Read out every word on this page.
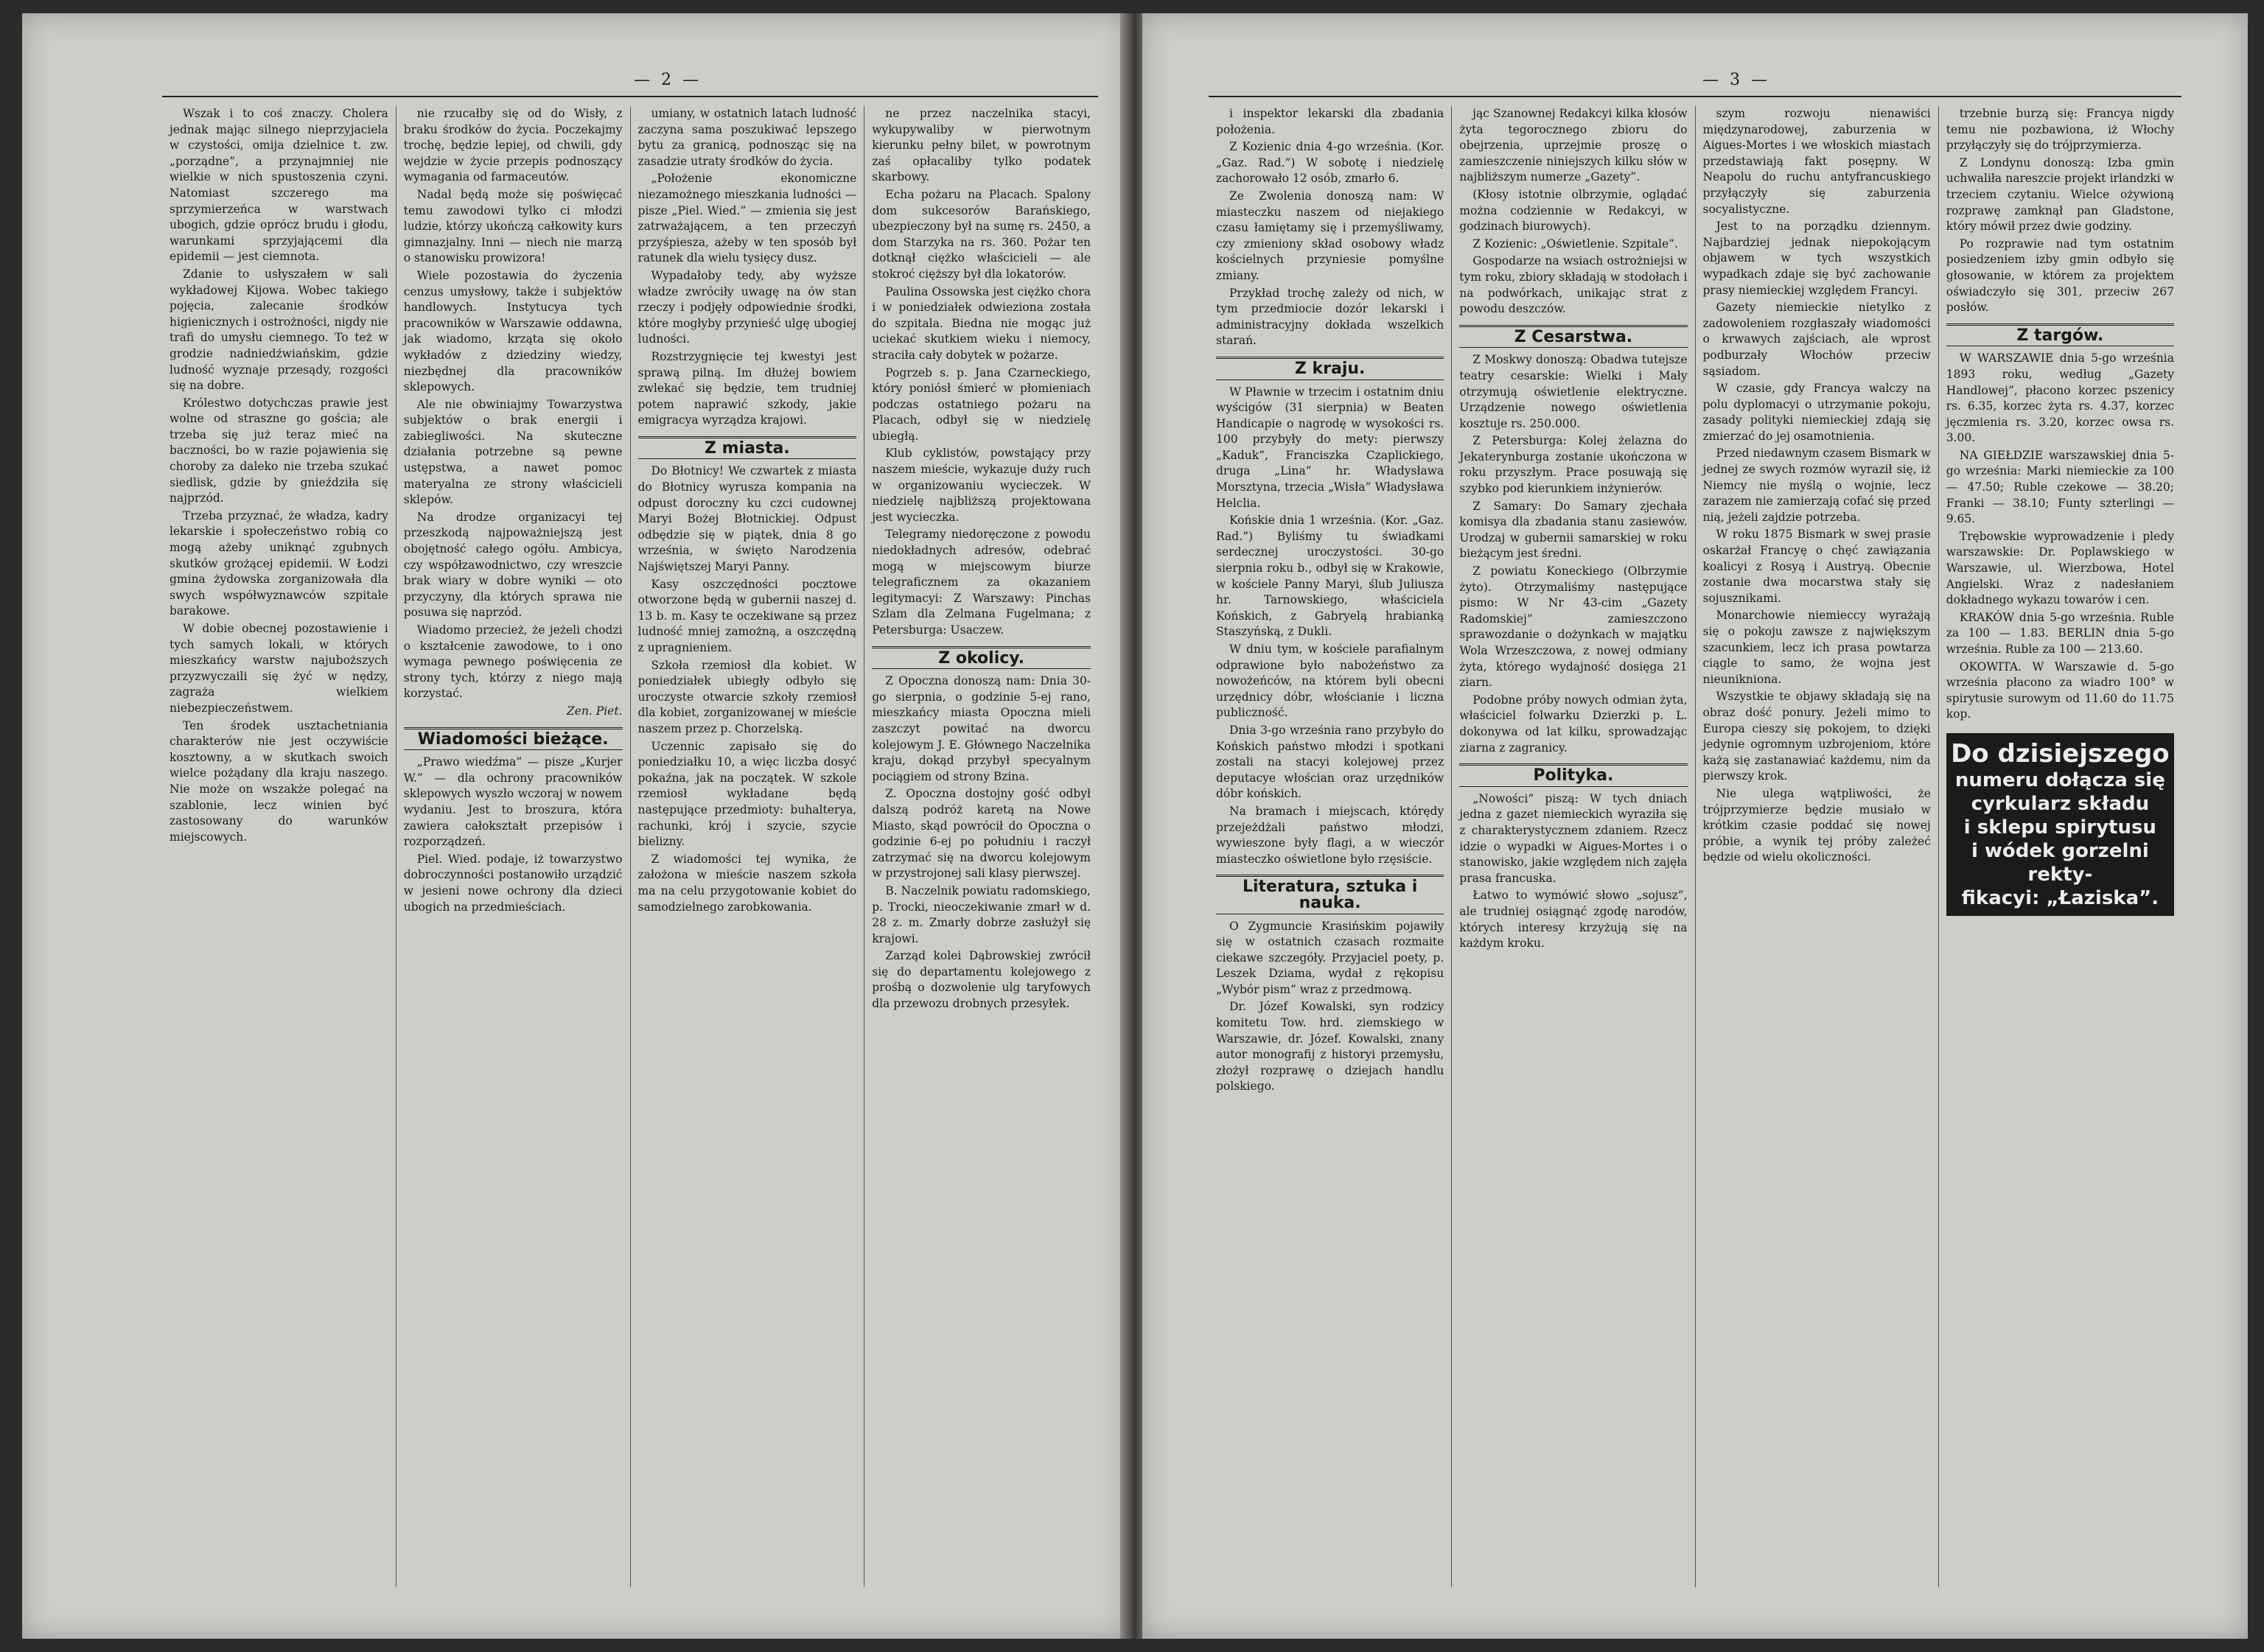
— 2 —

Wszak i to coś znaczy. Cholera jednak mając silnego nieprzyjaciela w czystości, omija dzielnice t. zw. „porządne”, a przynajmniej nie wielkie w nich spustoszenia czyni. Natomiast szczerego ma sprzymierzeńca w warstwach ubogich, gdzie oprócz brudu i głodu, warunkami sprzyjającemi dla epidemii — jest ciemnota.

Zdanie to usłyszałem w sali wykładowej Kijowa. Wobec takiego pojęcia, zalecanie środków higienicznych i ostrożności, nigdy nie trafi do umysłu ciemnego. To też w grodzie nadniedźwiańskim, gdzie ludność wyznaje przesądy, rozgości się na dobre.

Królestwo dotychczas prawie jest wolne od straszne go gościa; ale trzeba się już teraz mieć na baczności, bo w razie pojawienia się choroby za daleko nie trzeba szukać siedlisk, gdzie by gnieździła się najprzód.

Trzeba przyznać, że władza, kadry lekarskie i społeczeństwo robią co mogą ażeby uniknąć zgubnych skutków grożącej epidemii. W Łodzi gmina żydowska zorganizowała dla swych współwyznawców szpitale barakowe.

W dobie obecnej pozostawienie i tych samych lokali, w których mieszkańcy warstw najuboższych przyzwyczaili się żyć w nędzy, zagraża wielkiem niebezpieczeństwem.

Ten środek usztachetniania charakterów nie jest oczywiście kosztowny, a w skutkach swoich wielce pożądany dla kraju naszego. Nie może on wszakże polegać na szablonie, lecz winien być zastosowany do warunków miejscowych.

nie rzucałby się od do Wisły, z braku środków do życia. Poczekajmy trochę, będzie lepiej, od chwili, gdy wejdzie w życie przepis podnoszący wymagania od farmaceutów.

Nadal będą może się poświęcać temu zawodowi tylko ci młodzi ludzie, którzy ukończą całkowity kurs gimnazjalny. Inni — niech nie marzą o stanowisku prowizora!

Wiele pozostawia do życzenia cenzus umysłowy, także i subjektów handlowych. Instytucya tych pracowników w Warszawie oddawna, jak wiadomo, krząta się około wykładów z dziedziny wiedzy, niezbędnej dla pracowników sklepowych.

Ale nie obwiniajmy Towarzystwa subjektów o brak energii i zabiegliwości. Na skuteczne działania potrzebne są pewne ustępstwa, a nawet pomoc materyalna ze strony właścicieli sklepów.

Na drodze organizacyi tej przeszkodą najpoważniejszą jest obojętność całego ogółu. Ambicya, czy współzawodnictwo, czy wreszcie brak wiary w dobre wyniki — oto przyczyny, dla których sprawa nie posuwa się naprzód.

Wiadomo przecież, że jeżeli chodzi o kształcenie zawodowe, to i ono wymaga pewnego poświęcenia ze strony tych, którzy z niego mają korzystać.

Zen. Piet.
Wiadomości bieżące.

„Prawo wiedźma” — pisze „Kurjer W.” — dla ochrony pracowników sklepowych wyszło wczoraj w nowem wydaniu. Jest to broszura, która zawiera całokształt przepisów i rozporządzeń.

Piel. Wied. podaje, iż towarzystwo dobroczynności postanowiło urządzić w jesieni nowe ochrony dla dzieci ubogich na przedmieściach.

umiany, w ostatnich latach ludność zaczyna sama poszukiwać lepszego bytu za granicą, podnosząc się na zasadzie utraty środków do życia.

„Położenie ekonomiczne niezamożnego mieszkania ludności — pisze „Piel. Wied.” — zmienia się jest zatrważającem, a ten przeczyń przyśpiesza, ażeby w ten sposób był ratunek dla wielu tysięcy dusz.

Wypadałoby tedy, aby wyższe władze zwróciły uwagę na ów stan rzeczy i podjęły odpowiednie środki, które mogłyby przynieść ulgę ubogiej ludności.

Rozstrzygnięcie tej kwestyi jest sprawą pilną. Im dłużej bowiem zwlekać się będzie, tem trudniej potem naprawić szkody, jakie emigracya wyrządza krajowi.

Z miasta.

Do Błotnicy! We czwartek z miasta do Błotnicy wyrusza kompania na odpust doroczny ku czci cudownej Maryi Bożej Błotnickiej. Odpust odbędzie się w piątek, dnia 8 go września, w święto Narodzenia Najświętszej Maryi Panny.

Kasy oszczędności pocztowe otworzone będą w gubernii naszej d. 13 b. m. Kasy te oczekiwane są przez ludność mniej zamożną, a oszczędną z upragnieniem.

Szkoła rzemiosł dla kobiet. W poniedziałek ubiegły odbyło się uroczyste otwarcie szkoły rzemiosł dla kobiet, zorganizowanej w mieście naszem przez p. Chorzelską.

Uczennic zapisało się do poniedziałku 10, a więc liczba dosyć pokaźna, jak na początek. W szkole rzemiosł wykładane będą następujące przedmioty: buhalterya, rachunki, krój i szycie, szycie bielizny.

Z wiadomości tej wynika, że założona w mieście naszem szkoła ma na celu przygotowanie kobiet do samodzielnego zarobkowania.

ne przez naczelnika stacyi, wykupywaliby w pierwotnym kierunku pełny bilet, w powrotnym zaś opłacaliby tylko podatek skarbowy.

Echa pożaru na Placach. Spalony dom sukcesorów Barańskiego, ubezpieczony był na sumę rs. 2450, a dom Starzyka na rs. 360. Pożar ten dotknął ciężko właścicieli — ale stokroć cięższy był dla lokatorów.

Paulina Ossowska jest ciężko chora i w poniedziałek odwieziona została do szpitala. Biedna nie mogąc już uciekać skutkiem wieku i niemocy, straciła cały dobytek w pożarze.

Pogrzeb s. p. Jana Czarneckiego, który poniósł śmierć w płomieniach podczas ostatniego pożaru na Placach, odbył się w niedzielę ubiegłą.

Klub cyklistów, powstający przy naszem mieście, wykazuje duży ruch w organizowaniu wycieczek. W niedzielę najbliższą projektowana jest wycieczka.

Telegramy niedoręczone z powodu niedokładnych adresów, odebrać mogą w miejscowym biurze telegraficznem za okazaniem legitymacyi: Z Warszawy: Pinchas Szlam dla Zelmana Fugelmana; z Petersburga: Usaczew.

Z okolicy.

Z Opoczna donoszą nam: Dnia 30-go sierpnia, o godzinie 5-ej rano, mieszkańcy miasta Opoczna mieli zaszczyt powitać na dworcu kolejowym J. E. Głównego Naczelnika kraju, dokąd przybył specyalnym pociągiem od strony Bzina.

Z. Opoczna dostojny gość odbył dalszą podróż karetą na Nowe Miasto, skąd powrócił do Opoczna o godzinie 6-ej po południu i raczył zatrzymać się na dworcu kolejowym w przystrojonej sali klasy pierwszej.

B. Naczelnik powiatu radomskiego, p. Trocki, nieoczekiwanie zmarł w d. 28 z. m. Zmarły dobrze zasłużył się krajowi.

Zarząd kolei Dąbrowskiej zwrócił się do departamentu kolejowego z prośbą o dozwolenie ulg taryfowych dla przewozu drobnych przesyłek.

— 3 —

i inspektor lekarski dla zbadania położenia.

Z Kozienic dnia 4-go września. (Kor. „Gaz. Rad.”) W sobotę i niedzielę zachorowało 12 osób, zmarło 6.

Ze Zwolenia donoszą nam: W miasteczku naszem od niejakiego czasu łamiętamy się i przemyśliwamy, czy zmieniony skład osobowy władz kościelnych przyniesie pomyślne zmiany.

Przykład trochę zależy od nich, w tym przedmiocie dozór lekarski i administracyjny dokłada wszelkich starań.

Z kraju.

W Pławnie w trzecim i ostatnim dniu wyścigów (31 sierpnia) w Beaten Handicapie o nagrodę w wysokości rs. 100 przybyły do mety: pierwszy „Kaduk”, Franciszka Czaplickiego, druga „Lina” hr. Władysława Morsztyna, trzecia „Wisła” Władysława Helclia.

Końskie dnia 1 września. (Kor. „Gaz. Rad.”) Byliśmy tu świadkami serdecznej uroczystości. 30-go sierpnia roku b., odbył się w Krakowie, w kościele Panny Maryi, ślub Juliusza hr. Tarnowskiego, właściciela Końskich, z Gabryelą hrabianką Staszyńską, z Dukli.

W dniu tym, w kościele parafialnym odprawione było nabożeństwo za nowożeńców, na którem byli obecni urzędnicy dóbr, włościanie i liczna publiczność.

Dnia 3-go września rano przybyło do Końskich państwo młodzi i spotkani zostali na stacyi kolejowej przez deputacye włościan oraz urzędników dóbr końskich.

Na bramach i miejscach, którędy przejeżdżali państwo młodzi, wywieszone były flagi, a w wieczór miasteczko oświetlone było rzęsiście.

Literatura, sztuka i nauka.

O Zygmuncie Krasińskim pojawiły się w ostatnich czasach rozmaite ciekawe szczegóły. Przyjaciel poety, p. Leszek Dziama, wydał z rękopisu „Wybór pism” wraz z przedmową.

Dr. Józef Kowalski, syn rodzicy komitetu Tow. hrd. ziemskiego w Warszawie, dr. Józef. Kowalski, znany autor monografij z historyi przemysłu, złożył rozprawę o dziejach handlu polskiego.

jąc Szanownej Redakcyi kilka kłosów żyta tegorocznego zbioru do obejrzenia, uprzejmie proszę o zamieszczenie niniejszych kilku słów w najbliższym numerze „Gazety”.

(Kłosy istotnie olbrzymie, oglądać można codziennie w Redakcyi, w godzinach biurowych).

Z Kozienic: „Oświetlenie. Szpitale”.

Gospodarze na wsiach ostrożniejsi w tym roku, zbiory składają w stodołach i na podwórkach, unikając strat z powodu deszczów.

Z Cesarstwa.

Z Moskwy donoszą: Obadwa tutejsze teatry cesarskie: Wielki i Mały otrzymują oświetlenie elektryczne. Urządzenie nowego oświetlenia kosztuje rs. 250.000.

Z Petersburga: Kolej żelazna do Jekaterynburga zostanie ukończona w roku przyszłym. Prace posuwają się szybko pod kierunkiem inżynierów.

Z Samary: Do Samary zjechała komisya dla zbadania stanu zasiewów. Urodzaj w gubernii samarskiej w roku bieżącym jest średni.

Z powiatu Koneckiego (Olbrzymie żyto). Otrzymaliśmy następujące pismo: W Nr 43-cim „Gazety Radomskiej” zamieszczono sprawozdanie o dożynkach w majątku Wola Wrzeszczowa, z nowej odmiany żyta, którego wydajność dosięga 21 ziarn.

Podobne próby nowych odmian żyta, właściciel folwarku Dzierzki p. L. dokonywa od lat kilku, sprowadzając ziarna z zagranicy.

Polityka.

„Nowości” piszą: W tych dniach jedna z gazet niemieckich wyraziła się z charakterystycznem zdaniem. Rzecz idzie o wypadki w Aigues-Mortes i o stanowisko, jakie względem nich zajęła prasa francuska.

Łatwo to wymówić słowo „sojusz”, ale trudniej osiągnąć zgodę narodów, których interesy krzyżują się na każdym kroku.

szym rozwoju nienawiści międzynarodowej, zaburzenia w Aigues-Mortes i we włoskich miastach przedstawiają fakt posępny. W Neapolu do ruchu antyfrancuskiego przyłączyły się zaburzenia socyalistyczne.

Jest to na porządku dziennym. Najbardziej jednak niepokojącym objawem w tych wszystkich wypadkach zdaje się być zachowanie prasy niemieckiej względem Francyi.

Gazety niemieckie nietylko z zadowoleniem rozgłaszały wiadomości o krwawych zajściach, ale wprost podburzały Włochów przeciw sąsiadom.

W czasie, gdy Francya walczy na polu dyplomacyi o utrzymanie pokoju, zasady polityki niemieckiej zdają się zmierzać do jej osamotnienia.

Przed niedawnym czasem Bismark w jednej ze swych rozmów wyraził się, iż Niemcy nie myślą o wojnie, lecz zarazem nie zamierzają cofać się przed nią, jeżeli zajdzie potrzeba.

W roku 1875 Bismark w swej prasie oskarżał Francyę o chęć zawiązania koalicyi z Rosyą i Austryą. Obecnie zostanie dwa mocarstwa stały się sojusznikami.

Monarchowie niemieccy wyrażają się o pokoju zawsze z największym szacunkiem, lecz ich prasa powtarza ciągle to samo, że wojna jest nieunikniona.

Wszystkie te objawy składają się na obraz dość ponury. Jeżeli mimo to Europa cieszy się pokojem, to dzięki jedynie ogromnym uzbrojeniom, które każą się zastanawiać każdemu, nim da pierwszy krok.

Nie ulega wątpliwości, że trójprzymierze będzie musiało w krótkim czasie poddać się nowej próbie, a wynik tej próby zależeć będzie od wielu okoliczności.

trzebnie burzą się: Francya nigdy temu nie pozbawiona, iż Włochy przyłączyły się do trójprzymierza.

Z Londynu donoszą: Izba gmin uchwaliła nareszcie projekt irlandzki w trzeciem czytaniu. Wielce ożywioną rozprawę zamknął pan Gladstone, który mówił przez dwie godziny.

Po rozprawie nad tym ostatnim posiedzeniem izby gmin odbyło się głosowanie, w którem za projektem oświadczyło się 301, przeciw 267 posłów.

Z targów.

W WARSZAWIE dnia 5-go września 1893 roku, według „Gazety Handlowej”, płacono korzec pszenicy rs. 6.35, korzec żyta rs. 4.37, korzec jęczmienia rs. 3.20, korzec owsa rs. 3.00.

NA GIEŁDZIE warszawskiej dnia 5-go września: Marki niemieckie za 100 — 47.50; Ruble czekowe — 38.20; Franki — 38.10; Funty szterlingi — 9.65.

Trębowskie wyprowadzenie i pledy warszawskie: Dr. Poplawskiego w Warszawie, ul. Wierzbowa, Hotel Angielski. Wraz z nadesłaniem dokładnego wykazu towarów i cen.

KRAKÓW dnia 5-go września. Ruble za 100 — 1.83. BERLIN dnia 5-go września. Ruble za 100 — 213.60.

OKOWITA. W Warszawie d. 5-go września płacono za wiadro 100° w spirytusie surowym od 11.60 do 11.75 kop.

Do dzisiejszego
numeru dołącza się
cyrkularz składu
i sklepu spirytusu
i wódek gorzelni rekty-
fikacyi: „Łaziska”.
